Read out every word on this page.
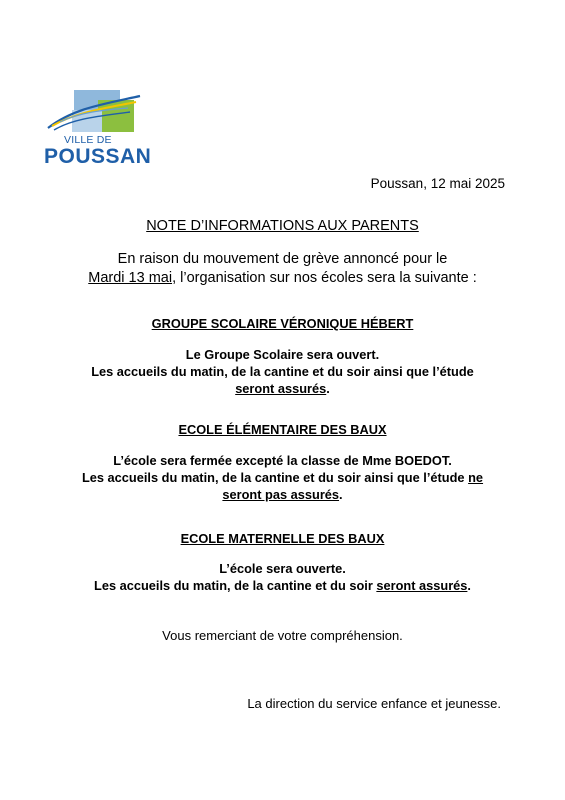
VILLE DE
POUSSAN
Poussan, 12 mai 2025
NOTE D’INFORMATIONS AUX PARENTS
En raison du mouvement de grève annoncé pour le
Mardi 13 mai, l’organisation sur nos écoles sera la suivante :
GROUPE SCOLAIRE VÉRONIQUE HÉBERT
Le Groupe Scolaire sera ouvert.
Les accueils du matin, de la cantine et du soir ainsi que l’étude
seront assurés.
ECOLE ÉLÉMENTAIRE DES BAUX
L’école sera fermée excepté la classe de Mme BOEDOT.
Les accueils du matin, de la cantine et du soir ainsi que l’étude ne
seront pas assurés.
ECOLE MATERNELLE DES BAUX
L’école sera ouverte.
Les accueils du matin, de la cantine et du soir seront assurés.
Vous remerciant de votre compréhension.
La direction du service enfance et jeunesse.
